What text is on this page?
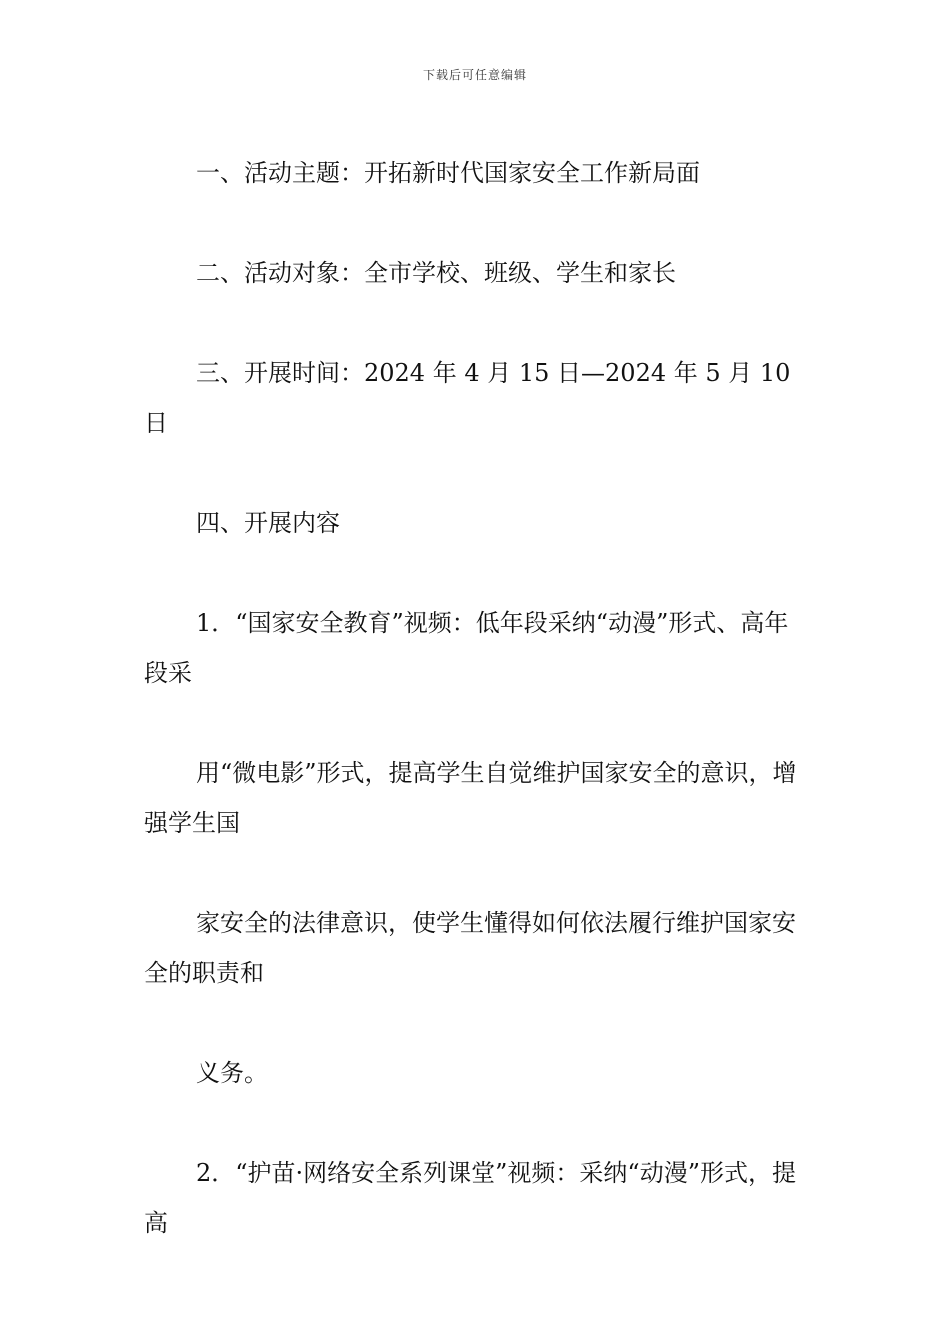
下载后可任意编辑

一、活动主题：开拓新时代国家安全工作新局面

二、活动对象：全市学校、班级、学生和家长

三、开展时间：2024 年 4 月 15 日—2024 年 5 月 10 日

四、开展内容

1．“国家安全教育”视频：低年段采纳“动漫”形式、高年段采

用“微电影”形式，提高学生自觉维护国家安全的意识，增强学生国

家安全的法律意识，使学生懂得如何依法履行维护国家安全的职责和

义务。

2．“护苗·网络安全系列课堂”视频：采纳“动漫”形式，提高
